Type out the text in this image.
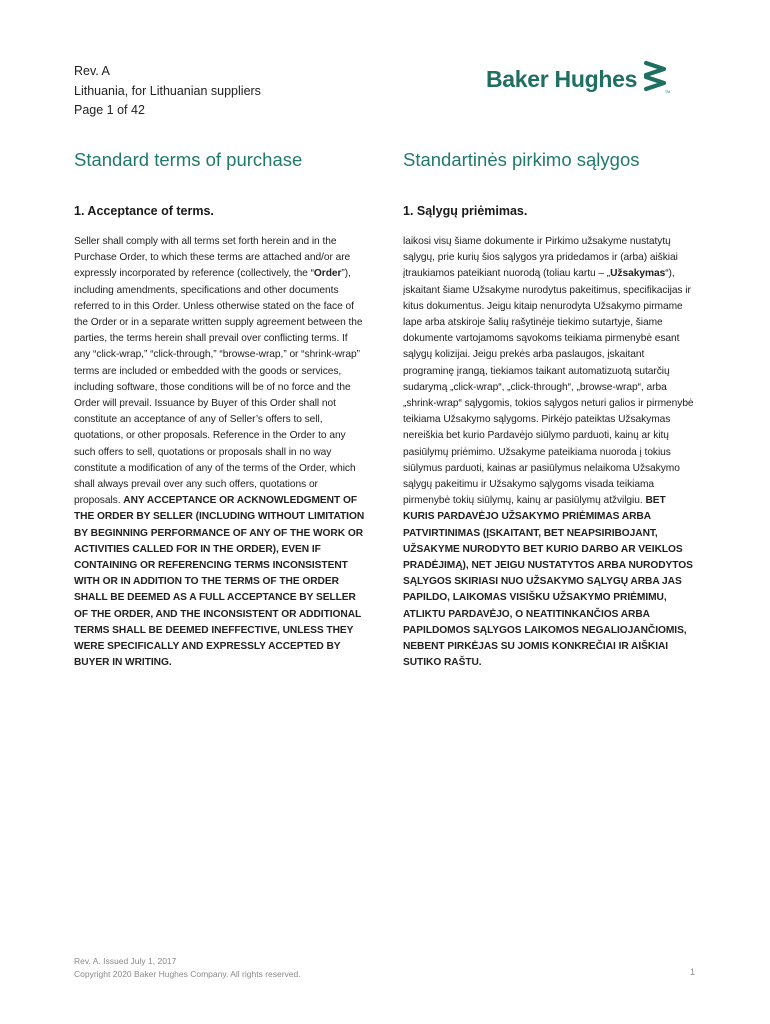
Rev. A
Lithuania, for Lithuanian suppliers
Page 1 of 42
Baker Hughes	TM
Standard terms of purchase
1. Acceptance of terms.

Seller shall comply with all terms set forth herein and in the Purchase Order, to which these terms are attached and/or are expressly incorporated by reference (collectively, the “Order”), including amendments, specifications and other documents referred to in this Order. Unless otherwise stated on the face of the Order or in a separate written supply agreement between the parties, the terms herein shall prevail over conflicting terms. If any “click-wrap,” “click-through,” “browse-wrap,” or “shrink-wrap” terms are included or embedded with the goods or services, including software, those conditions will be of no force and the Order will prevail. Issuance by Buyer of this Order shall not constitute an acceptance of any of Seller’s offers to sell, quotations, or other proposals. Reference in the Order to any such offers to sell, quotations or proposals shall in no way constitute a modification of any of the terms of the Order, which shall always prevail over any such offers, quotations or proposals. ANY ACCEPTANCE OR ACKNOWLEDGMENT OF THE ORDER BY SELLER (INCLUDING WITHOUT LIMITATION BY BEGINNING PERFORMANCE OF ANY OF THE WORK OR ACTIVITIES CALLED FOR IN THE ORDER), EVEN IF CONTAINING OR REFERENCING TERMS INCONSISTENT WITH OR IN ADDITION TO THE TERMS OF THE ORDER SHALL BE DEEMED AS A FULL ACCEPTANCE BY SELLER OF THE ORDER, AND THE INCONSISTENT OR ADDITIONAL TERMS SHALL BE DEEMED INEFFECTIVE, UNLESS THEY WERE SPECIFICALLY AND EXPRESSLY ACCEPTED BY BUYER IN WRITING.

Standartinės pirkimo sąlygos
1. Sąlygų priėmimas.

laikosi visų šiame dokumente ir Pirkimo užsakyme nustatytų sąlygų, prie kurių šios sąlygos yra pridedamos ir (arba) aiškiai įtraukiamos pateikiant nuorodą (toliau kartu – „Užsakymas“), įskaitant šiame Užsakyme nurodytus pakeitimus, specifikacijas ir kitus dokumentus. Jeigu kitaip nenurodyta Užsakymo pirmame lape arba atskiroje šalių rašytinėje tiekimo sutartyje, šiame dokumente vartojamoms sąvokoms teikiama pirmenybė esant sąlygų kolizijai. Jeigu prekės arba paslaugos, įskaitant programinę įrangą, tiekiamos taikant automatizuotą sutarčių sudarymą „click-wrap“, „click-through“, „browse-wrap“, arba „shrink-wrap“ sąlygomis, tokios sąlygos neturi galios ir pirmenybė teikiama Užsakymo sąlygoms. Pirkėjo pateiktas Užsakymas nereiškia bet kurio Pardavėjo siūlymo parduoti, kainų ar kitų pasiūlymų priėmimo. Užsakyme pateikiama nuoroda į tokius siūlymus parduoti, kainas ar pasiūlymus nelaikoma Užsakymo sąlygų pakeitimu ir Užsakymo sąlygoms visada teikiama pirmenybė tokių siūlymų, kainų ar pasiūlymų atžvilgiu. BET KURIS PARDAVĖJO UŽSAKYMO PRIĖMIMAS ARBA PATVIRTINIMAS (ĮSKAITANT, BET NEAPSIRIBOJANT, UŽSAKYME NURODYTO BET KURIO DARBO AR VEIKLOS PRADĖJIMĄ), NET JEIGU NUSTATYTOS ARBA NURODYTOS SĄLYGOS SKIRIASI NUO UŽSAKYMO SĄLYGŲ ARBA JAS PAPILDO, LAIKOMAS VISIŠKU UŽSAKYMO PRIĖMIMU, ATLIKTU PARDAVĖJO, O NEATITINKANČIOS ARBA PAPILDOMOS SĄLYGOS LAIKOMOS NEGALIOJANČIOMIS, NEBENT PIRKĖJAS SU JOMIS KONKREČIAI IR AIŠKIAI SUTIKO RAŠTU.

Rev. A. Issued July 1, 2017
Copyright 2020 Baker Hughes Company. All rights reserved.	1
